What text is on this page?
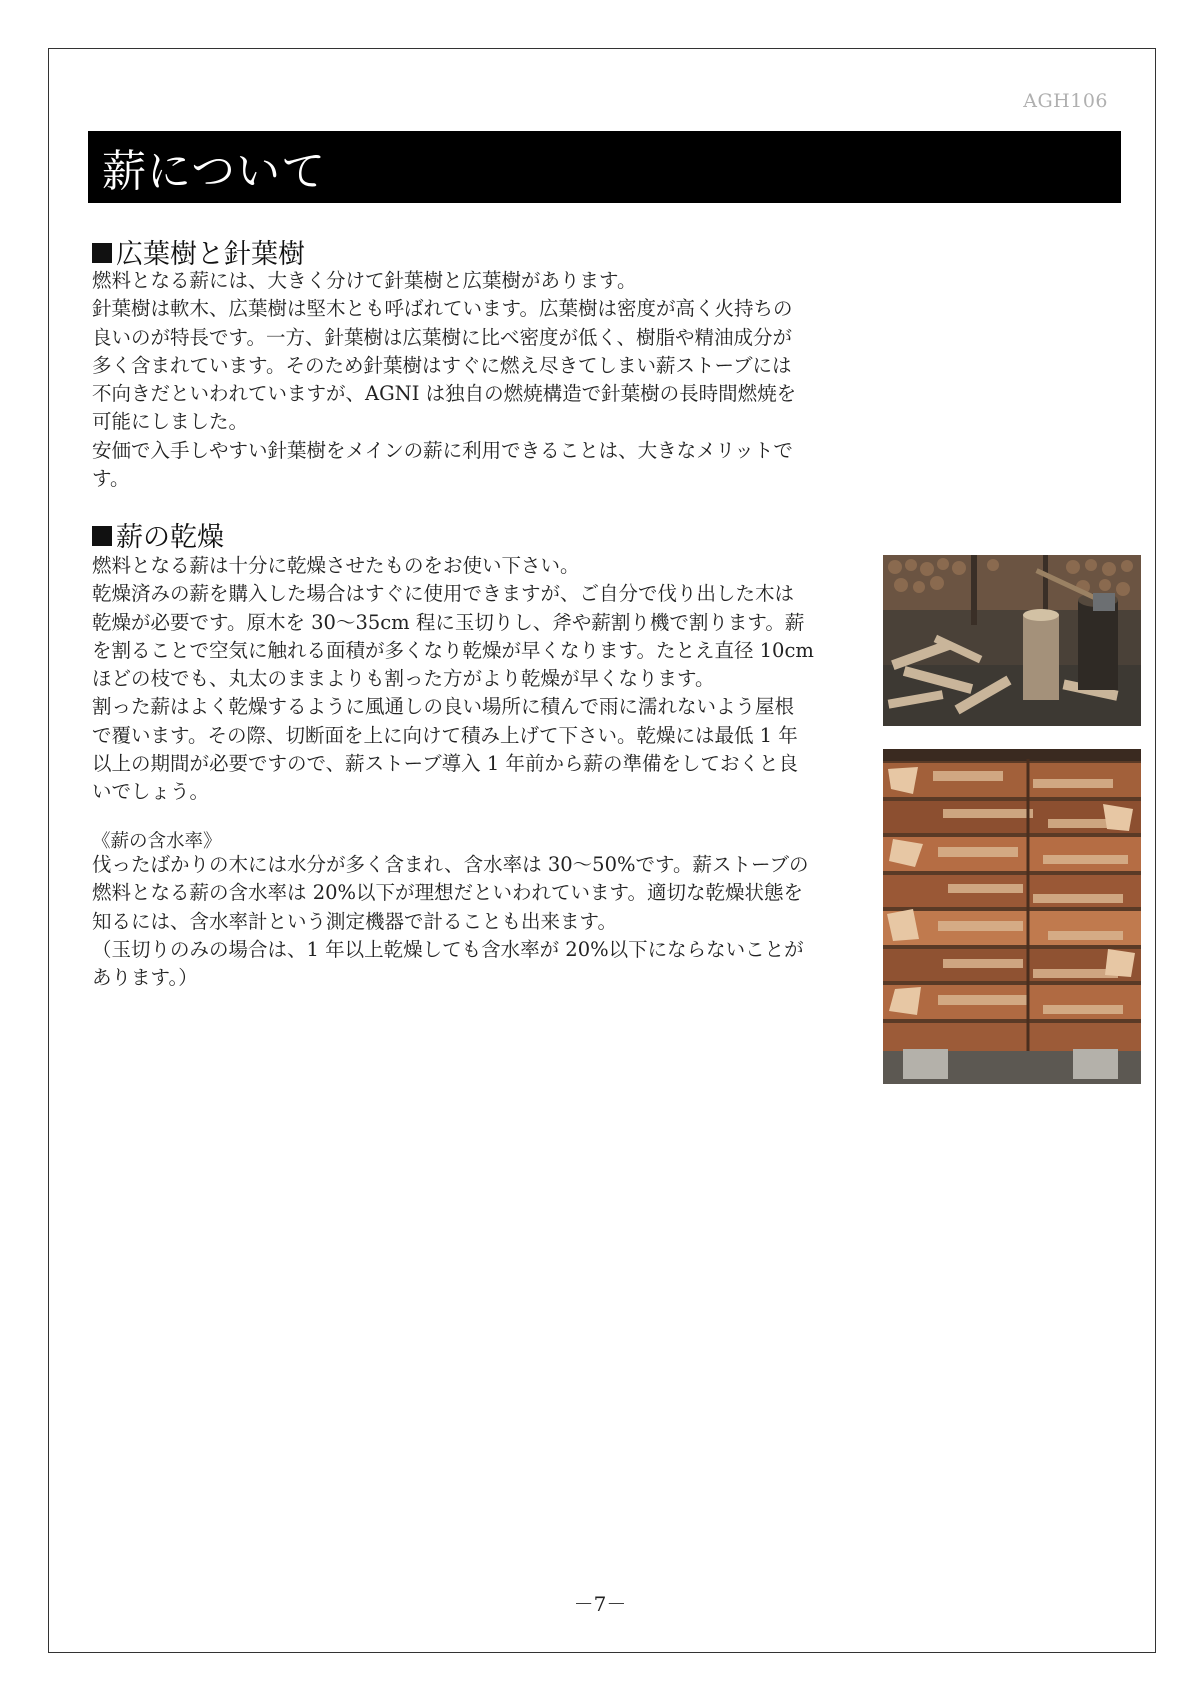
AGH106
薪について
広葉樹と針葉樹

燃料となる薪には、大きく分けて針葉樹と広葉樹があります。

針葉樹は軟木、広葉樹は堅木とも呼ばれています。広葉樹は密度が高く火持ちの

良いのが特長です。一方、針葉樹は広葉樹に比べ密度が低く、樹脂や精油成分が

多く含まれています。そのため針葉樹はすぐに燃え尽きてしまい薪ストーブには

不向きだといわれていますが、AGNI は独自の燃焼構造で針葉樹の長時間燃焼を

可能にしました。

安価で入手しやすい針葉樹をメインの薪に利用できることは、大きなメリットで

す。

薪の乾燥

燃料となる薪は十分に乾燥させたものをお使い下さい。

乾燥済みの薪を購入した場合はすぐに使用できますが、ご自分で伐り出した木は

乾燥が必要です。原木を 30～35cm 程に玉切りし、斧や薪割り機で割ります。薪

を割ることで空気に触れる面積が多くなり乾燥が早くなります。たとえ直径 10cm

ほどの枝でも、丸太のままよりも割った方がより乾燥が早くなります。

割った薪はよく乾燥するように風通しの良い場所に積んで雨に濡れないよう屋根

で覆います。その際、切断面を上に向けて積み上げて下さい。乾燥には最低 1 年

以上の期間が必要ですので、薪ストーブ導入 1 年前から薪の準備をしておくと良

いでしょう。

《薪の含水率》

伐ったばかりの木には水分が多く含まれ、含水率は 30～50%です。薪ストーブの

燃料となる薪の含水率は 20%以下が理想だといわれています。適切な乾燥状態を

知るには、含水率計という測定機器で計ることも出来ます。

（玉切りのみの場合は、1 年以上乾燥しても含水率が 20%以下にならないことが

あります。）

－7－
